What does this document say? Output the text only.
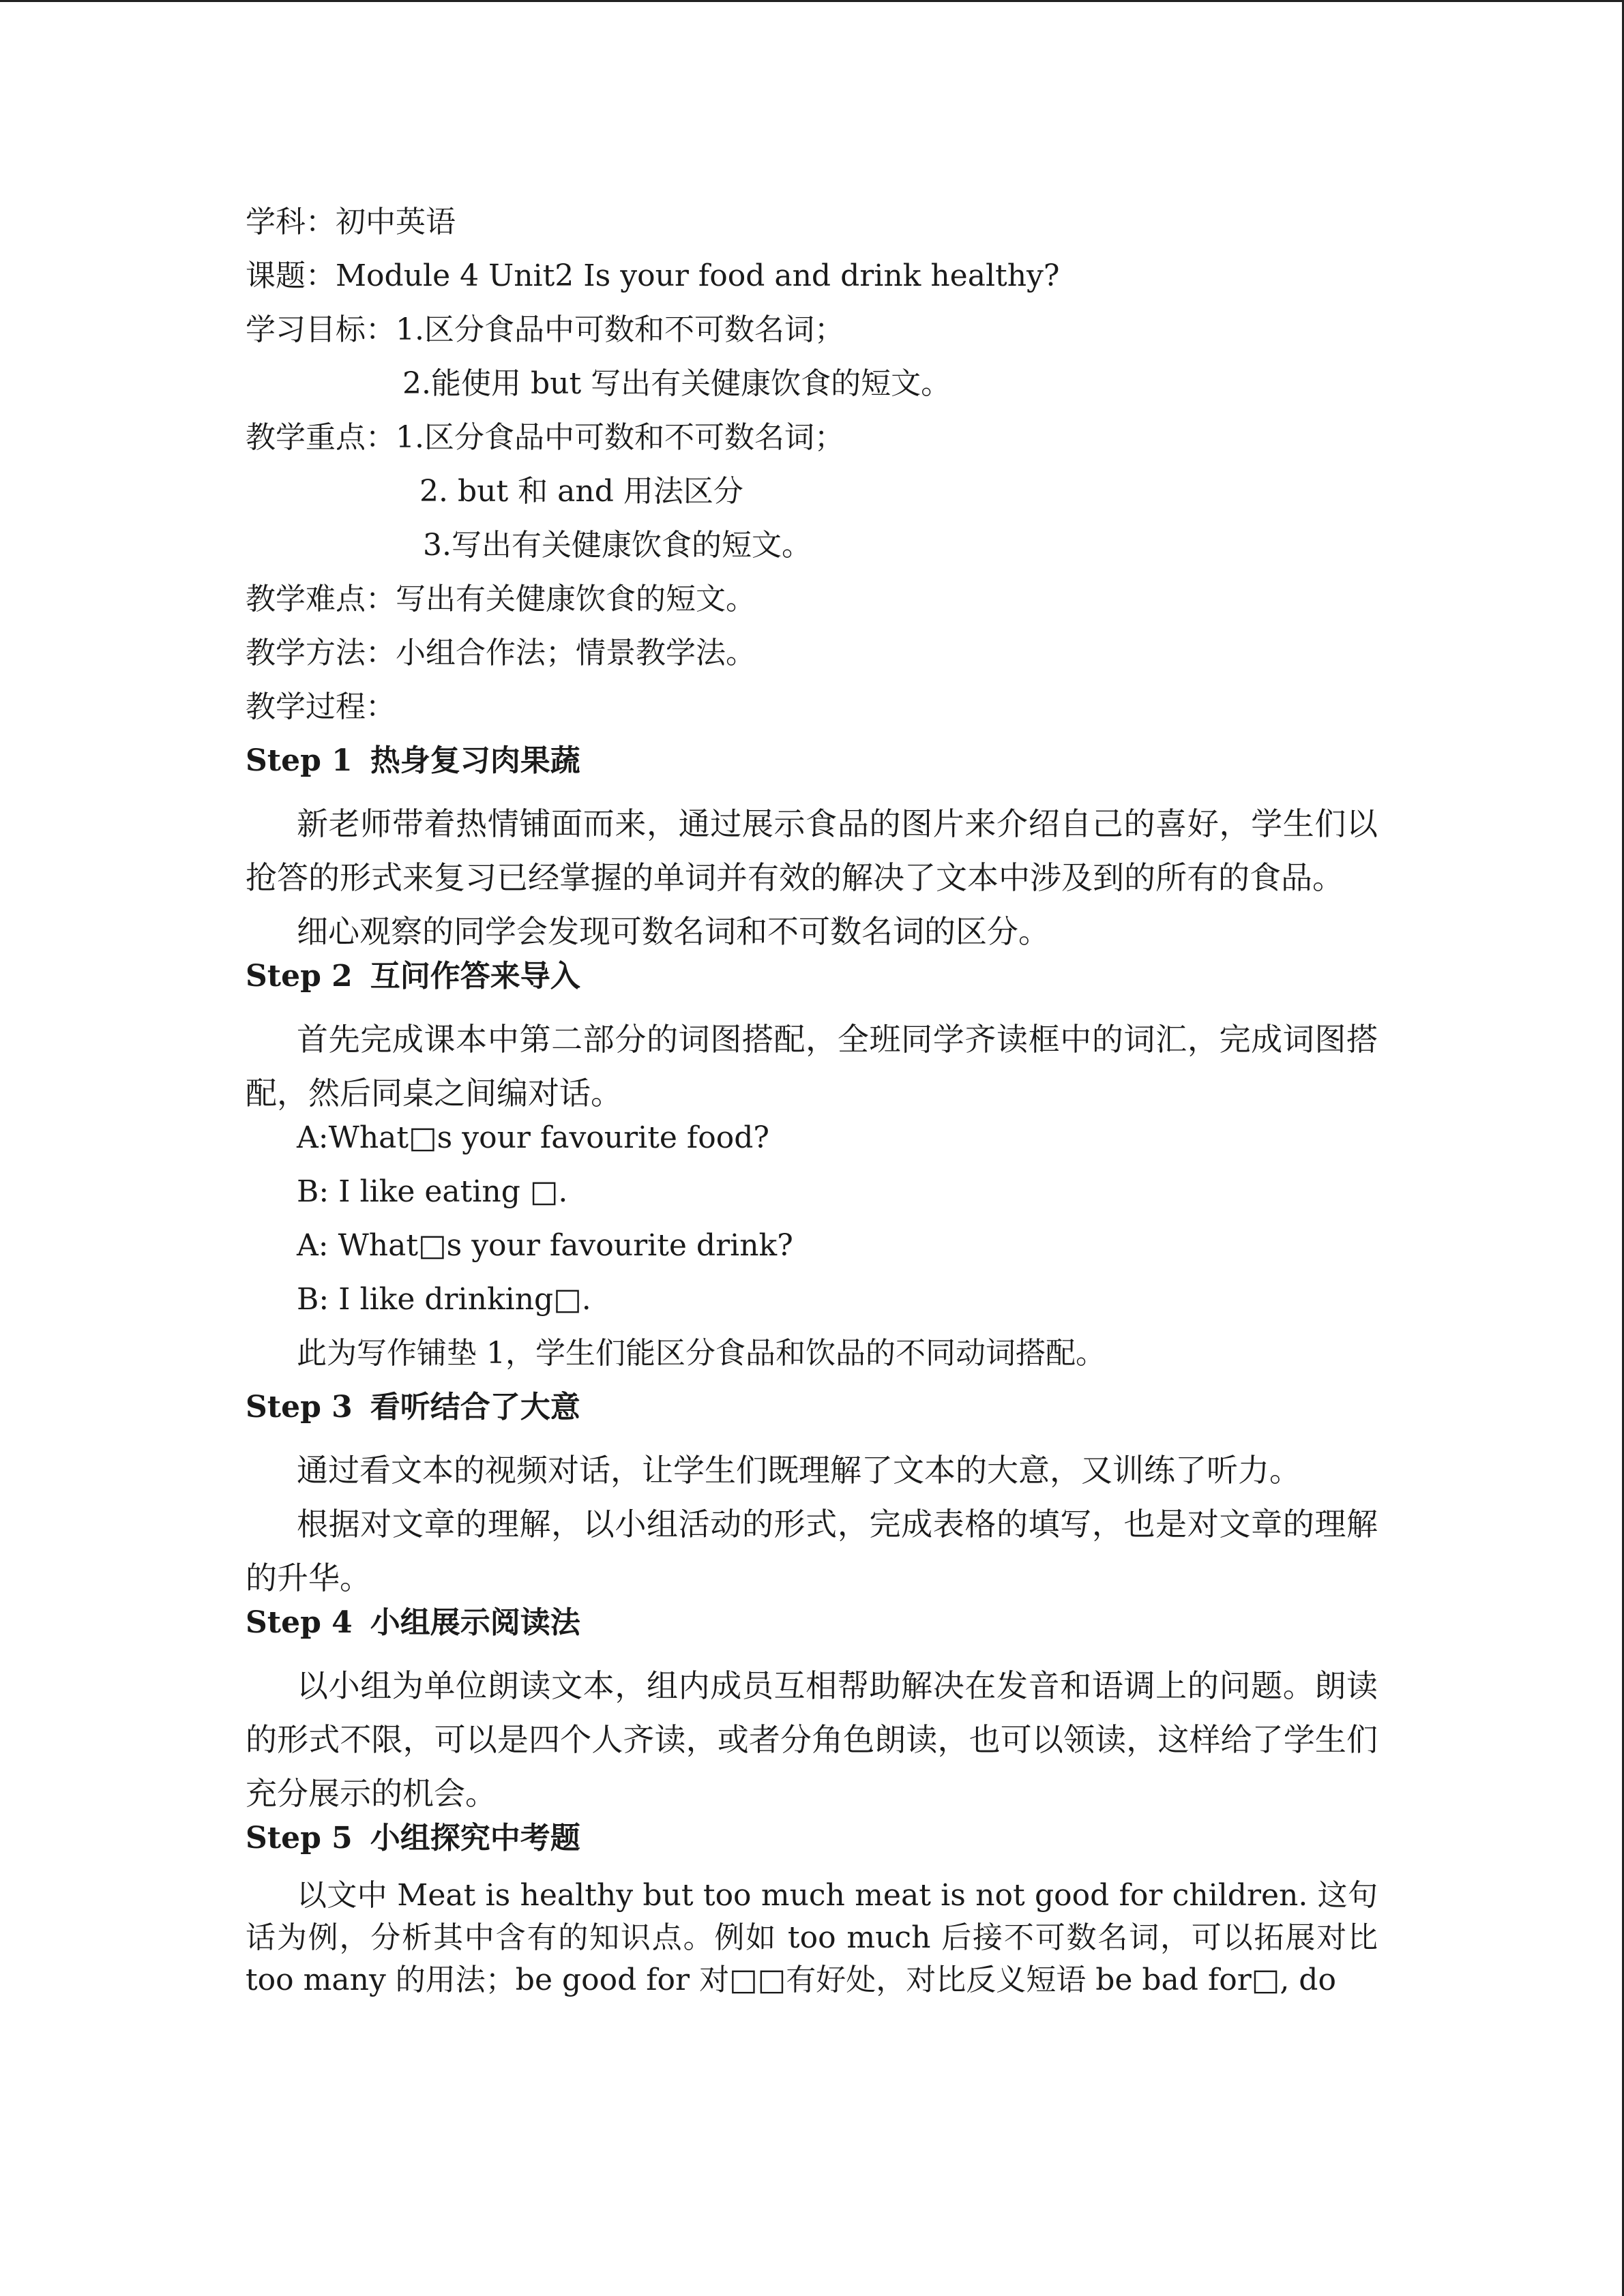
学科：初中英语
课题：Module 4 Unit2 Is your food and drink healthy?
学习目标：1.区分食品中可数和不可数名词；
2.能使用 but 写出有关健康饮食的短文。
教学重点：1.区分食品中可数和不可数名词；
2. but 和 and 用法区分
3.写出有关健康饮食的短文。
教学难点：写出有关健康饮食的短文。
教学方法：小组合作法；情景教学法。
教学过程：
Step 1 热身复习肉果蔬
新老师带着热情铺面而来，通过展示食品的图片来介绍自己的喜好，学生们以抢答的形式来复习已经掌握的单词并有效的解决了文本中涉及到的所有的食品。
细心观察的同学会发现可数名词和不可数名词的区分。
Step 2 互问作答来导入
首先完成课本中第二部分的词图搭配，全班同学齐读框中的词汇，完成词图搭配，然后同桌之间编对话。
A:What□s your favourite food?
B: I like eating □.
A: What□s your favourite drink?
B: I like drinking□.
此为写作铺垫 1，学生们能区分食品和饮品的不同动词搭配。
Step 3 看听结合了大意
通过看文本的视频对话，让学生们既理解了文本的大意，又训练了听力。
根据对文章的理解，以小组活动的形式，完成表格的填写，也是对文章的理解的升华。
Step 4 小组展示阅读法
以小组为单位朗读文本，组内成员互相帮助解决在发音和语调上的问题。朗读的形式不限，可以是四个人齐读，或者分角色朗读，也可以领读，这样给了学生们充分展示的机会。
Step 5 小组探究中考题
以文中 Meat is healthy but too much meat is not good for children. 这句话为例，分析其中含有的知识点。例如 too much 后接不可数名词，可以拓展对比 too many 的用法；be good for 对□□有好处，对比反义短语 be bad for□, do
